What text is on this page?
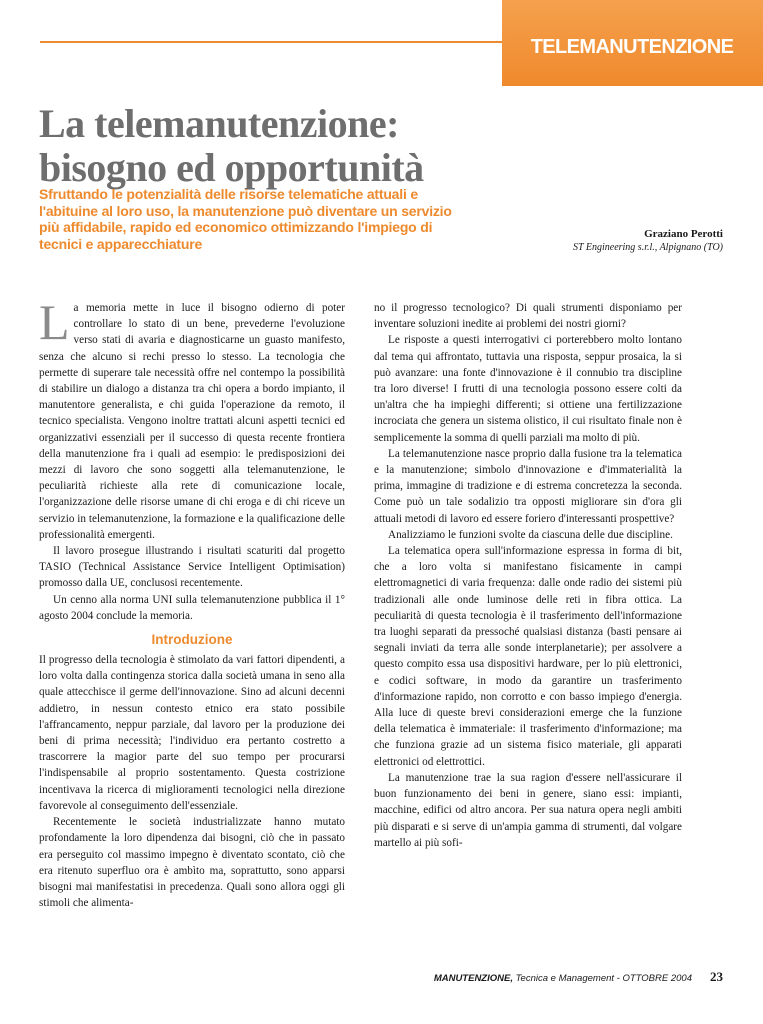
TELEMANUTENZIONE
La telemanutenzione:
bisogno ed opportunità

Sfruttando le potenzialità delle risorse telematiche attuali e l'abituine al loro uso, la manutenzione può diventare un servizio più affidabile, rapido ed economico ottimizzando l'impiego di tecnici e apparecchiature

Graziano Perotti
ST Engineering s.r.l., Alpignano (TO)

La memoria mette in luce il bisogno odierno di poter controllare lo stato di un bene, prevederne l'evoluzione verso stati di avaria e diagnosticarne un guasto manifesto, senza che alcuno si rechi presso lo stesso. La tecnologia che permette di superare tale necessità offre nel contempo la possibilità di stabilire un dialogo a distanza tra chi opera a bordo impianto, il manutentore generalista, e chi guida l'operazione da remoto, il tecnico specialista. Vengono inoltre trattati alcuni aspetti tecnici ed organizzativi essenziali per il successo di questa recente frontiera della manutenzione fra i quali ad esempio: le predisposizioni dei mezzi di lavoro che sono soggetti alla telemanutenzione, le peculiarità richieste alla rete di comunicazione locale, l'organizzazione delle risorse umane di chi eroga e di chi riceve un servizio in telemanutenzione, la formazione e la qualificazione delle professionalità emergenti.

Il lavoro prosegue illustrando i risultati scaturiti dal progetto TASIO (Technical Assistance Service Intelligent Optimisation) promosso dalla UE, conclusosi recentemente.

Un cenno alla norma UNI sulla telemanutenzione pubblica il 1° agosto 2004 conclude la memoria.

Introduzione

Il progresso della tecnologia è stimolato da vari fattori dipendenti, a loro volta dalla contingenza storica dalla società umana in seno alla quale attecchisce il germe dell'innovazione. Sino ad alcuni decenni addietro, in nessun contesto etnico era stato possibile l'affrancamento, neppur parziale, dal lavoro per la produzione dei beni di prima necessità; l'individuo era pertanto costretto a trascorrere la magior parte del suo tempo per procurarsi l'indispensabile al proprio sostentamento. Questa costrizione incentivava la ricerca di miglioramenti tecnologici nella direzione favorevole al conseguimento dell'essenziale.

Recentemente le società industrializzate hanno mutato profondamente la loro dipendenza dai bisogni, ciò che in passato era perseguito col massimo impegno è diventato scontato, ciò che era ritenuto superfluo ora è ambìto ma, soprattutto, sono apparsi bisogni mai manifestatisi in precedenza. Quali sono allora oggi gli stimoli che alimenta-

no il progresso tecnologico? Di quali strumenti disponiamo per inventare soluzioni inedite ai problemi dei nostri giorni?

Le risposte a questi interrogativi ci porterebbero molto lontano dal tema qui affrontato, tuttavia una risposta, seppur prosaica, la si può avanzare: una fonte d'innovazione è il connubio tra discipline tra loro diverse! I frutti di una tecnologia possono essere colti da un'altra che ha impieghi differenti; si ottiene una fertilizzazione incrociata che genera un sistema olistico, il cui risultato finale non è semplicemente la somma di quelli parziali ma molto di più.

La telemanutenzione nasce proprio dalla fusione tra la telematica e la manutenzione; simbolo d'innovazione e d'immaterialità la prima, immagine di tradizione e di estrema concretezza la seconda. Come può un tale sodalizio tra opposti migliorare sin d'ora gli attuali metodi di lavoro ed essere foriero d'interessanti prospettive?

Analizziamo le funzioni svolte da ciascuna delle due discipline.

La telematica opera sull'informazione espressa in forma di bit, che a loro volta si manifestano fisicamente in campi elettromagnetici di varia frequenza: dalle onde radio dei sistemi più tradizionali alle onde luminose delle reti in fibra ottica. La peculiarità di questa tecnologia è il trasferimento dell'informazione tra luoghi separati da pressoché qualsiasi distanza (basti pensare ai segnali inviati da terra alle sonde interplanetarie); per assolvere a questo compito essa usa dispositivi hardware, per lo più elettronici, e codici software, in modo da garantire un trasferimento d'informazione rapido, non corrotto e con basso impiego d'energia. Alla luce di queste brevi considerazioni emerge che la funzione della telematica è immateriale: il trasferimento d'informazione; ma che funziona grazie ad un sistema fisico materiale, gli apparati elettronici od elettrottici.

La manutenzione trae la sua ragion d'essere nell'assicurare il buon funzionamento dei beni in genere, siano essi: impianti, macchine, edifici od altro ancora. Per sua natura opera negli ambiti più disparati e si serve di un'ampia gamma di strumenti, dal volgare martello ai più sofi-

MANUTENZIONE, Tecnica e Management - OTTOBRE 2004 23
